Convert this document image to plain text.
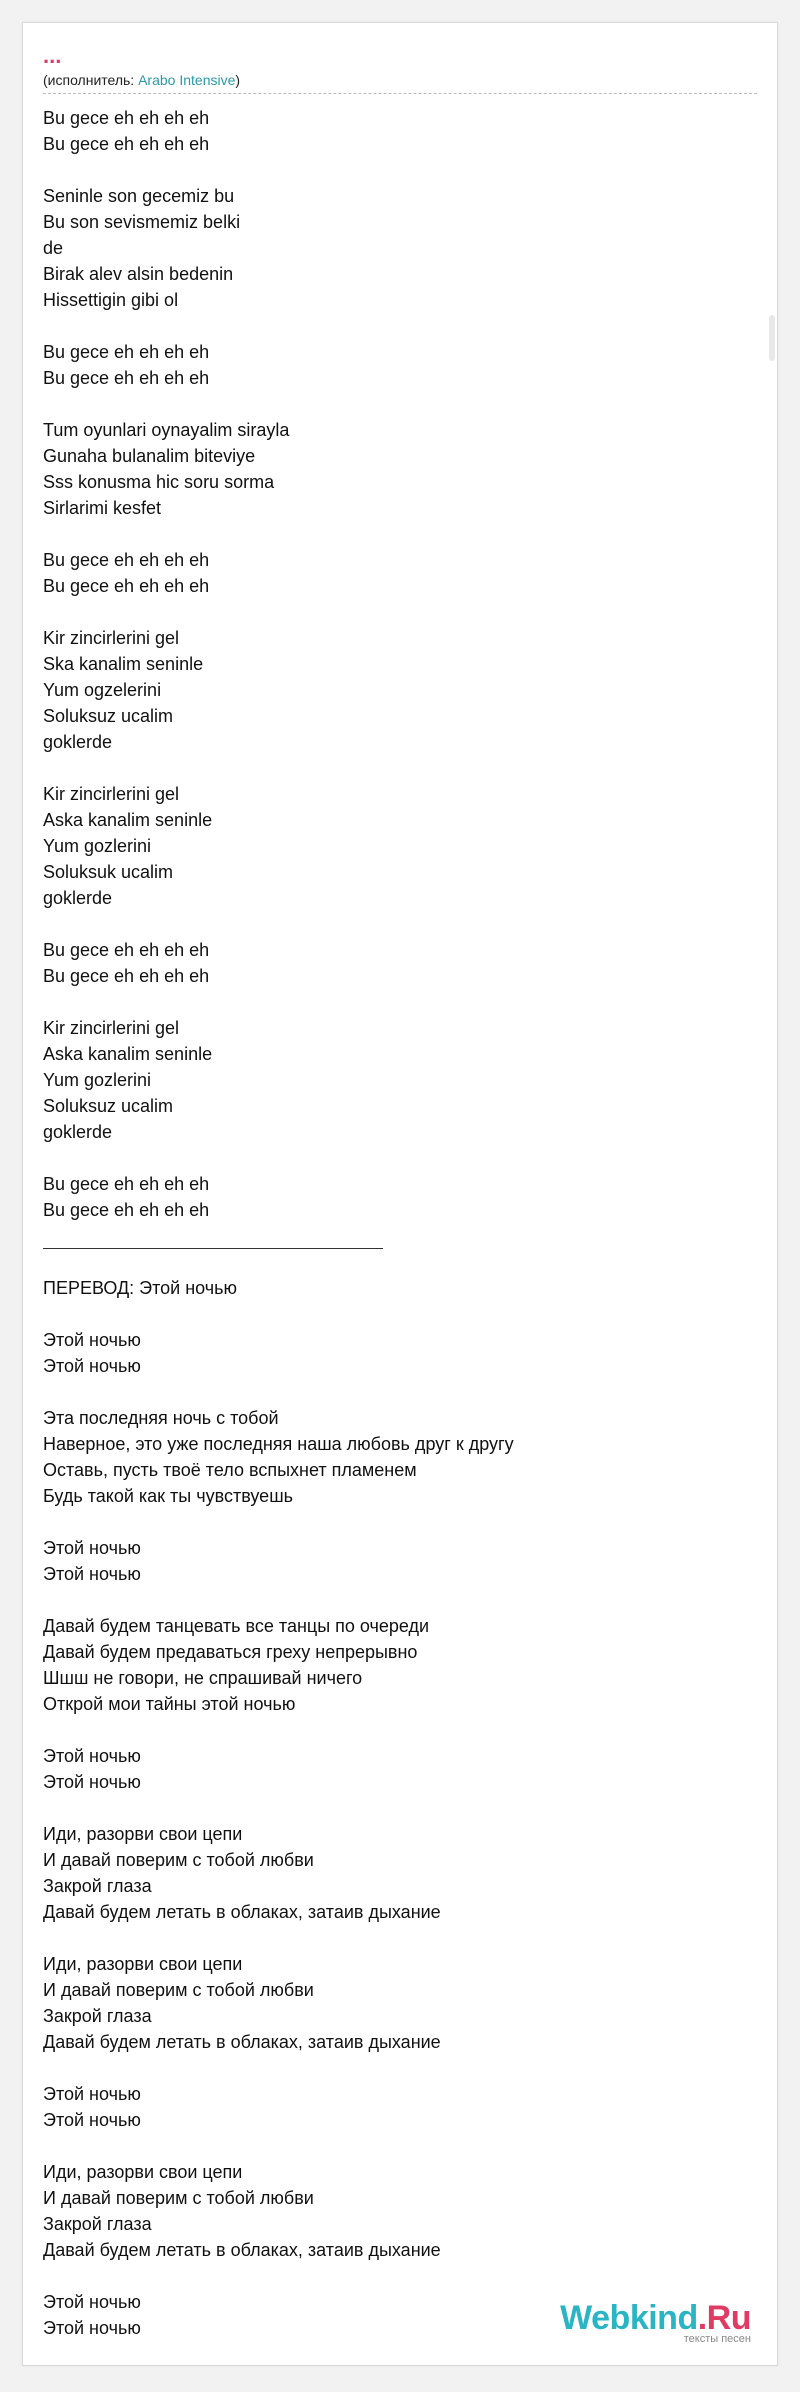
...
(исполнитель: Arabo Intensive)
Bu gece eh eh eh eh
Bu gece eh eh eh eh
Seninle son gecemiz bu
Bu son sevismemiz belki
de
Birak alev alsin bedenin
Hissettigin gibi ol
Bu gece eh eh eh eh
Bu gece eh eh eh eh
Tum oyunlari oynayalim sirayla
Gunaha bulanalim biteviye
Sss konusma hic soru sorma
Sirlarimi kesfet
Bu gece eh eh eh eh
Bu gece eh eh eh eh
Kir zincirlerini gel
Ska kanalim seninle
Yum ogzelerini
Soluksuz ucalim
goklerde
Kir zincirlerini gel
Aska kanalim seninle
Yum gozlerini
Soluksuk ucalim
goklerde
Bu gece eh eh eh eh
Bu gece eh eh eh eh
Kir zincirlerini gel
Aska kanalim seninle
Yum gozlerini
Soluksuz ucalim
goklerde
Bu gece eh eh eh eh
Bu gece eh eh eh eh
ПЕРЕВОД: Этой ночью
Этой ночью
Этой ночью
Эта последняя ночь с тобой
Наверное, это уже последняя наша любовь друг к другу
Оставь, пусть твоё тело вспыхнет пламенем
Будь такой как ты чувствуешь
Этой ночью
Этой ночью
Давай будем танцевать все танцы по очереди
Давай будем предаваться греху непрерывно
Шшш не говори, не спрашивай ничего
Открой мои тайны этой ночью
Этой ночью
Этой ночью
Иди, разорви свои цепи
И давай поверим с тобой любви
Закрой глаза
Давай будем летать в облаках, затаив дыхание
Иди, разорви свои цепи
И давай поверим с тобой любви
Закрой глаза
Давай будем летать в облаках, затаив дыхание
Этой ночью
Этой ночью
Иди, разорви свои цепи
И давай поверим с тобой любви
Закрой глаза
Давай будем летать в облаках, затаив дыхание
Этой ночью
Этой ночью	Webkind.Ru
тексты песен
